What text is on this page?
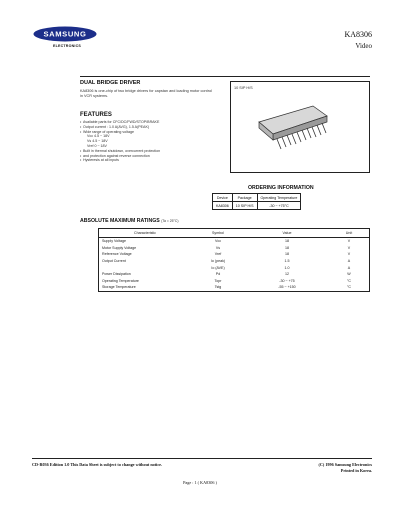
SAMSUNG
ELECTRONICS
KA8306
Video
DUAL BRIDGE DRIVER
KA8306 is one-chip of two bridge drivers for capstan and loading motor control in VCR systems.
FEATURES
• Available parts for CFC/DC/FWD/STOP/BRAKE
• Output current : 1.0 A(AVG), 1.5 A(PEAK)
• Wide range of operating voltage
Vcc 4.5 ~ 18V
Vs 4.5 ~ 18V
Vref 0 ~ 18V
• Built in thermal shutdown, overcurrent protection
• and protection against reverse connection
• Hysteresis at all inputs
10 SIP H/S
ORDERING INFORMATION
Device	Package	Operating Temperature
KA8306	10 SIP H/S	-30 ~ +75°C
ABSOLUTE MAXIMUM RATINGS (Ta = 25°C)
Characteristic	Symbol	Value	Unit
Supply Voltage	Vcc	18	V
Motor Supply Voltage	Vs	18	V
Reference Voltage	Vref	18	V
Output Current	Io (peak)	1.5	A
	Io (AVE)	1.0	A
Power Dissipation	Pd	12	W
Operating Temperature	Topr	-30 ~ +75	°C
Storage Temperature	Tstg	-55 ~ +150	°C
CD-R036 Edition 1.0 This Data Sheet is subject to change without notice.	(C) 1996 Samsung Electronics
Printed in Korea.
Page : 1 ( KA8306 )
